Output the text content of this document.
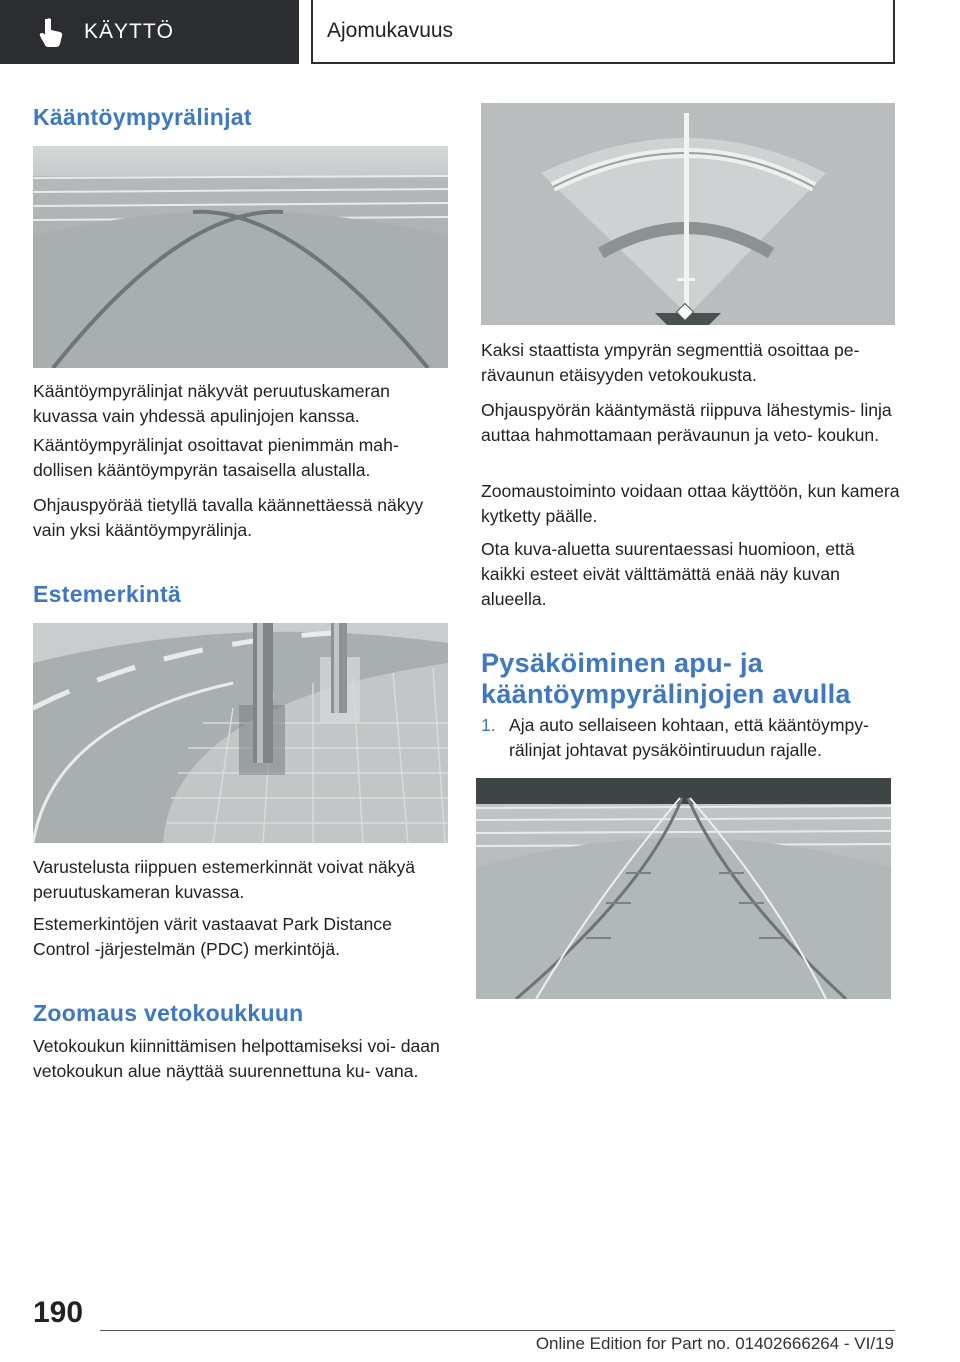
KÄYTTÖ	Ajomukavuus
Kääntöympyrälinjat

Kääntöympyrälinjat näkyvät peruutuskameran kuvassa vain yhdessä apulinjojen kanssa.

Kääntöympyrälinjat osoittavat pienimmän mah- dollisen kääntöympyrän tasaisella alustalla.

Ohjauspyörää tietyllä tavalla käännettäessä näkyy vain yksi kääntöympyrälinja.

Estemerkintä

Varustelusta riippuen estemerkinnät voivat näkyä peruutuskameran kuvassa.

Estemerkintöjen värit vastaavat Park Distance Control -järjestelmän (PDC) merkintöjä.

Zoomaus vetokoukkuun

Vetokoukun kiinnittämisen helpottamiseksi voi- daan vetokoukun alue näyttää suurennettuna ku- vana.

Kaksi staattista ympyrän segmenttiä osoittaa pe- rävaunun etäisyyden vetokoukusta.

Ohjauspyörän kääntymästä riippuva lähestymis- linja auttaa hahmottamaan perävaunun ja veto- koukun.

Zoomaustoiminto voidaan ottaa käyttöön, kun kamera kytketty päälle.

Ota kuva-aluetta suurentaessasi huomioon, että kaikki esteet eivät välttämättä enää näy kuvan alueella.

Pysäköiminen apu- ja
kääntöympyrälinjojen avulla
1. Aja auto sellaiseen kohtaan, että kääntöympy- rälinjat johtavat pysäköintiruudun rajalle.

190
Online Edition for Part no. 01402666264 - VI/19
